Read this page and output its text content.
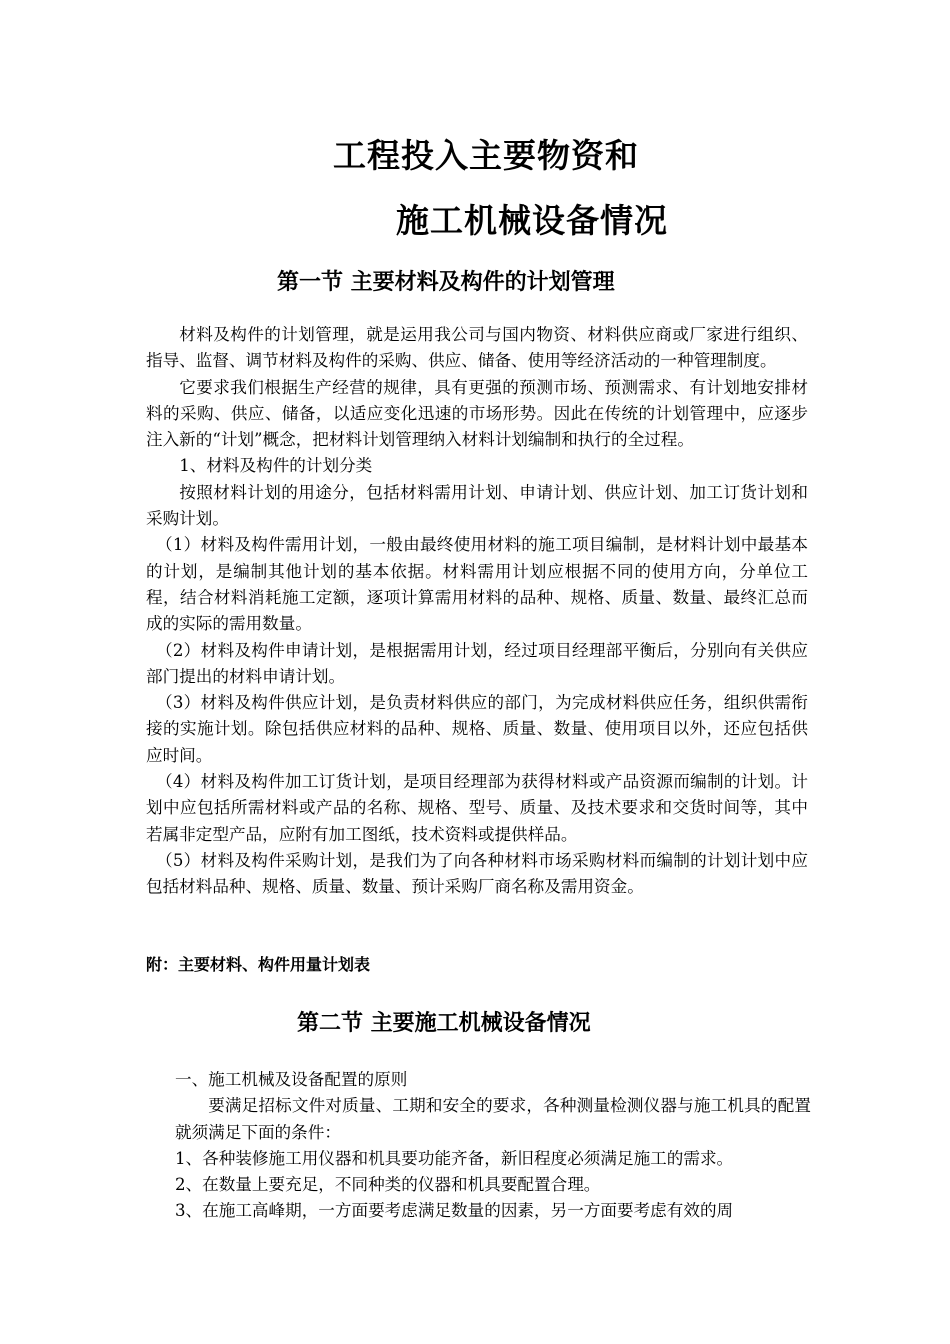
工程投入主要物资和
施工机械设备情况
第一节 主要材料及构件的计划管理

材料及构件的计划管理，就是运用我公司与国内物资、材料供应商或厂家进行组织、指导、监督、调节材料及构件的采购、供应、储备、使用等经济活动的一种管理制度。

它要求我们根据生产经营的规律，具有更强的预测市场、预测需求、有计划地安排材料的采购、供应、储备，以适应变化迅速的市场形势。因此在传统的计划管理中，应逐步注入新的“计划”概念，把材料计划管理纳入材料计划编制和执行的全过程。

1、材料及构件的计划分类

按照材料计划的用途分，包括材料需用计划、申请计划、供应计划、加工订货计划和采购计划。

（1）材料及构件需用计划，一般由最终使用材料的施工项目编制，是材料计划中最基本的计划，是编制其他计划的基本依据。材料需用计划应根据不同的使用方向，分单位工程，结合材料消耗施工定额，逐项计算需用材料的品种、规格、质量、数量、最终汇总而成的实际的需用数量。

（2）材料及构件申请计划，是根据需用计划，经过项目经理部平衡后，分别向有关供应部门提出的材料申请计划。

（3）材料及构件供应计划，是负责材料供应的部门，为完成材料供应任务，组织供需衔接的实施计划。除包括供应材料的品种、规格、质量、数量、使用项目以外，还应包括供应时间。

（4）材料及构件加工订货计划，是项目经理部为获得材料或产品资源而编制的计划。计划中应包括所需材料或产品的名称、规格、型号、质量、及技术要求和交货时间等，其中若属非定型产品，应附有加工图纸，技术资料或提供样品。

（5）材料及构件采购计划，是我们为了向各种材料市场采购材料而编制的计划计划中应包括材料品种、规格、质量、数量、预计采购厂商名称及需用资金。

附：主要材料、构件用量计划表
第二节 主要施工机械设备情况

一、施工机械及设备配置的原则

要满足招标文件对质量、工期和安全的要求，各种测量检测仪器与施工机具的配置就须满足下面的条件：

1、各种装修施工用仪器和机具要功能齐备，新旧程度必须满足施工的需求。

2、在数量上要充足，不同种类的仪器和机具要配置合理。

3、在施工高峰期，一方面要考虑满足数量的因素，另一方面要考虑有效的周
